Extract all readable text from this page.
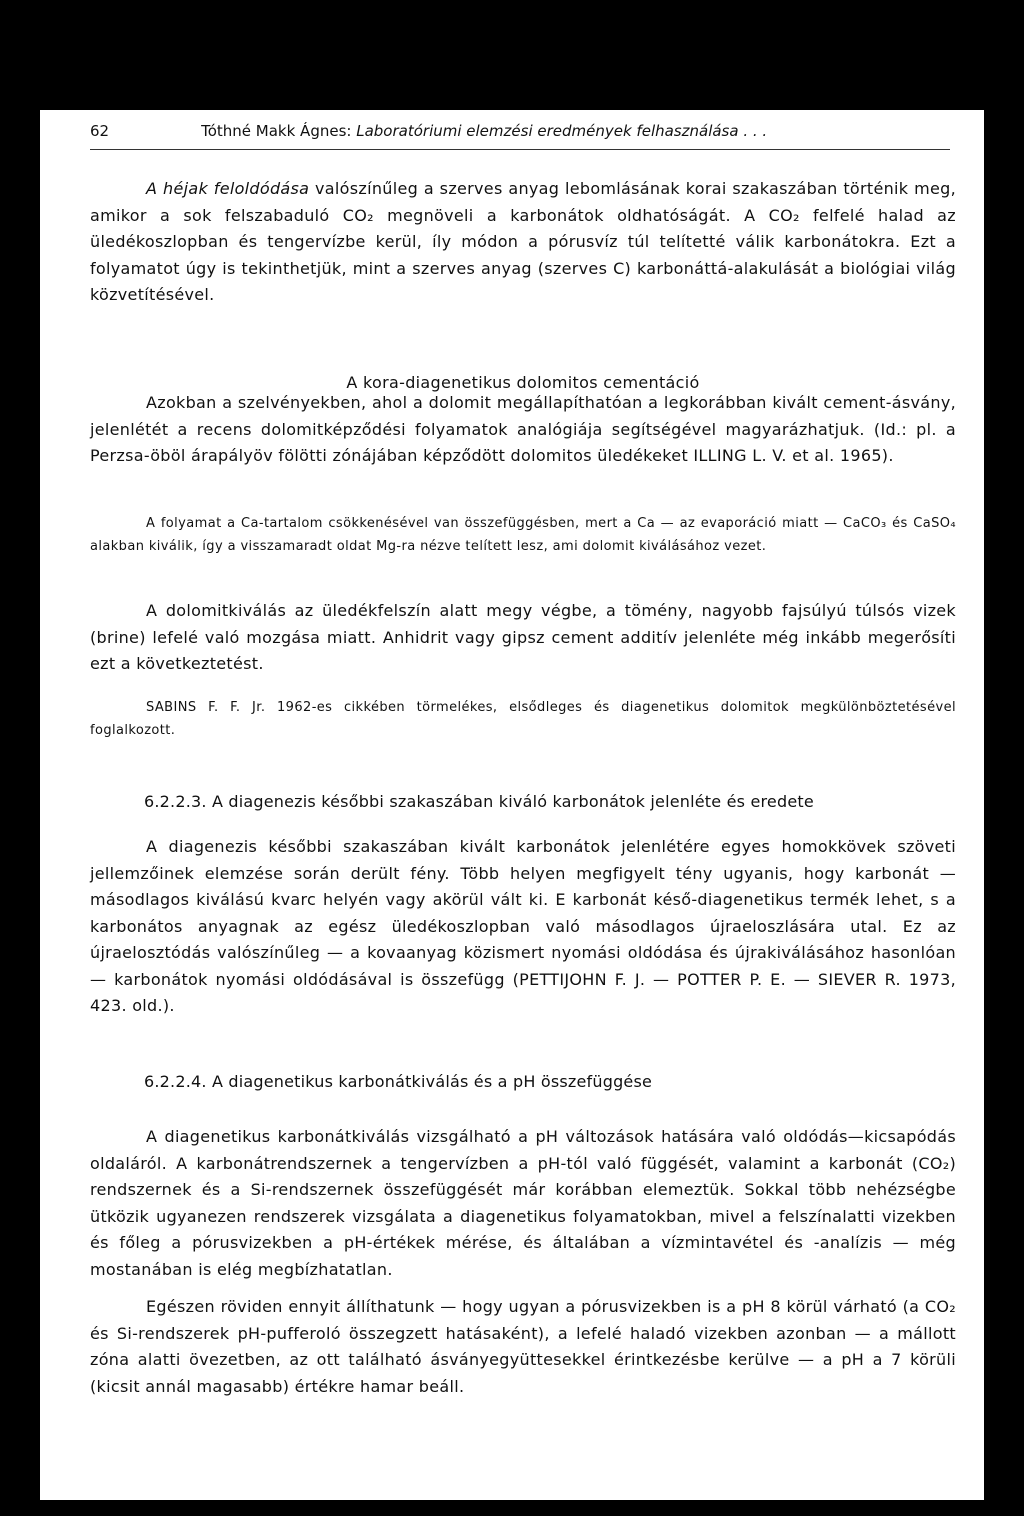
62	Tóthné Makk Ágnes: Laboratóriumi elemzési eredmények felhasználása . . .
A héjak feloldódása valószínűleg a szerves anyag lebomlásának korai szakaszában történik meg, amikor a sok felszabaduló CO₂ megnöveli a karbonátok oldhatóságát. A CO₂ felfelé halad az üledékoszlopban és tengervízbe kerül, íly módon a pórusvíz túl telítetté válik karbonátokra. Ezt a folyamatot úgy is tekinthetjük, mint a szerves anyag (szerves C) karbonáttá-alakulását a biológiai világ közvetítésével.
A kora-diagenetikus dolomitos cementáció
Azokban a szelvényekben, ahol a dolomit megállapíthatóan a legkorábban kivált cement-ásvány, jelenlétét a recens dolomitképződési folyamatok analógiája segítségével magyarázhatjuk. (Id.: pl. a Perzsa-öböl árapályöv fölötti zónájában képződött dolomitos üledékeket ILLING L. V. et al. 1965).
A folyamat a Ca-tartalom csökkenésével van összefüggésben, mert a Ca — az evaporáció miatt — CaCO₃ és CaSO₄ alakban kiválik, így a visszamaradt oldat Mg-ra nézve telített lesz, ami dolomit kiválásához vezet.
A dolomitkiválás az üledékfelszín alatt megy végbe, a tömény, nagyobb fajsúlyú túlsós vizek (brine) lefelé való mozgása miatt. Anhidrit vagy gipsz cement additív jelenléte még inkább megerősíti ezt a következtetést.
SABINS F. F. Jr. 1962-es cikkében törmelékes, elsődleges és diagenetikus dolomitok megkülönböztetésével foglalkozott.
6.2.2.3. A diagenezis későbbi szakaszában kiváló karbonátok jelenléte és eredete
A diagenezis későbbi szakaszában kivált karbonátok jelenlétére egyes homokkövek szöveti jellemzőinek elemzése során derült fény. Több helyen megfigyelt tény ugyanis, hogy karbonát — másodlagos kiválású kvarc helyén vagy akörül vált ki. E karbonát késő-diagenetikus termék lehet, s a karbonátos anyagnak az egész üledékoszlopban való másodlagos újraeloszlására utal. Ez az újraelosztódás valószínűleg — a kovaanyag közismert nyomási oldódása és újrakiválásához hasonlóan — karbonátok nyomási oldódásával is összefügg (PETTIJOHN F. J. — POTTER P. E. — SIEVER R. 1973, 423. old.).
6.2.2.4. A diagenetikus karbonátkiválás és a pH összefüggése
A diagenetikus karbonátkiválás vizsgálható a pH változások hatására való oldódás—kicsapódás oldaláról. A karbonátrendszernek a tengervízben a pH-tól való függését, valamint a karbonát (CO₂) rendszernek és a Si-rendszernek összefüggését már korábban elemeztük. Sokkal több nehézségbe ütközik ugyanezen rendszerek vizsgálata a diagenetikus folyamatokban, mivel a felszínalatti vizekben és főleg a pórusvizekben a pH-értékek mérése, és általában a vízmintavétel és -analízis — még mostanában is elég megbízhatatlan.
Egészen röviden ennyit állíthatunk — hogy ugyan a pórusvizekben is a pH 8 körül várható (a CO₂ és Si-rendszerek pH-pufferoló összegzett hatásaként), a lefelé haladó vizekben azonban — a mállott zóna alatti övezetben, az ott található ásványegyüttesekkel érintkezésbe kerülve — a pH a 7 körüli (kicsit annál magasabb) értékre hamar beáll.
